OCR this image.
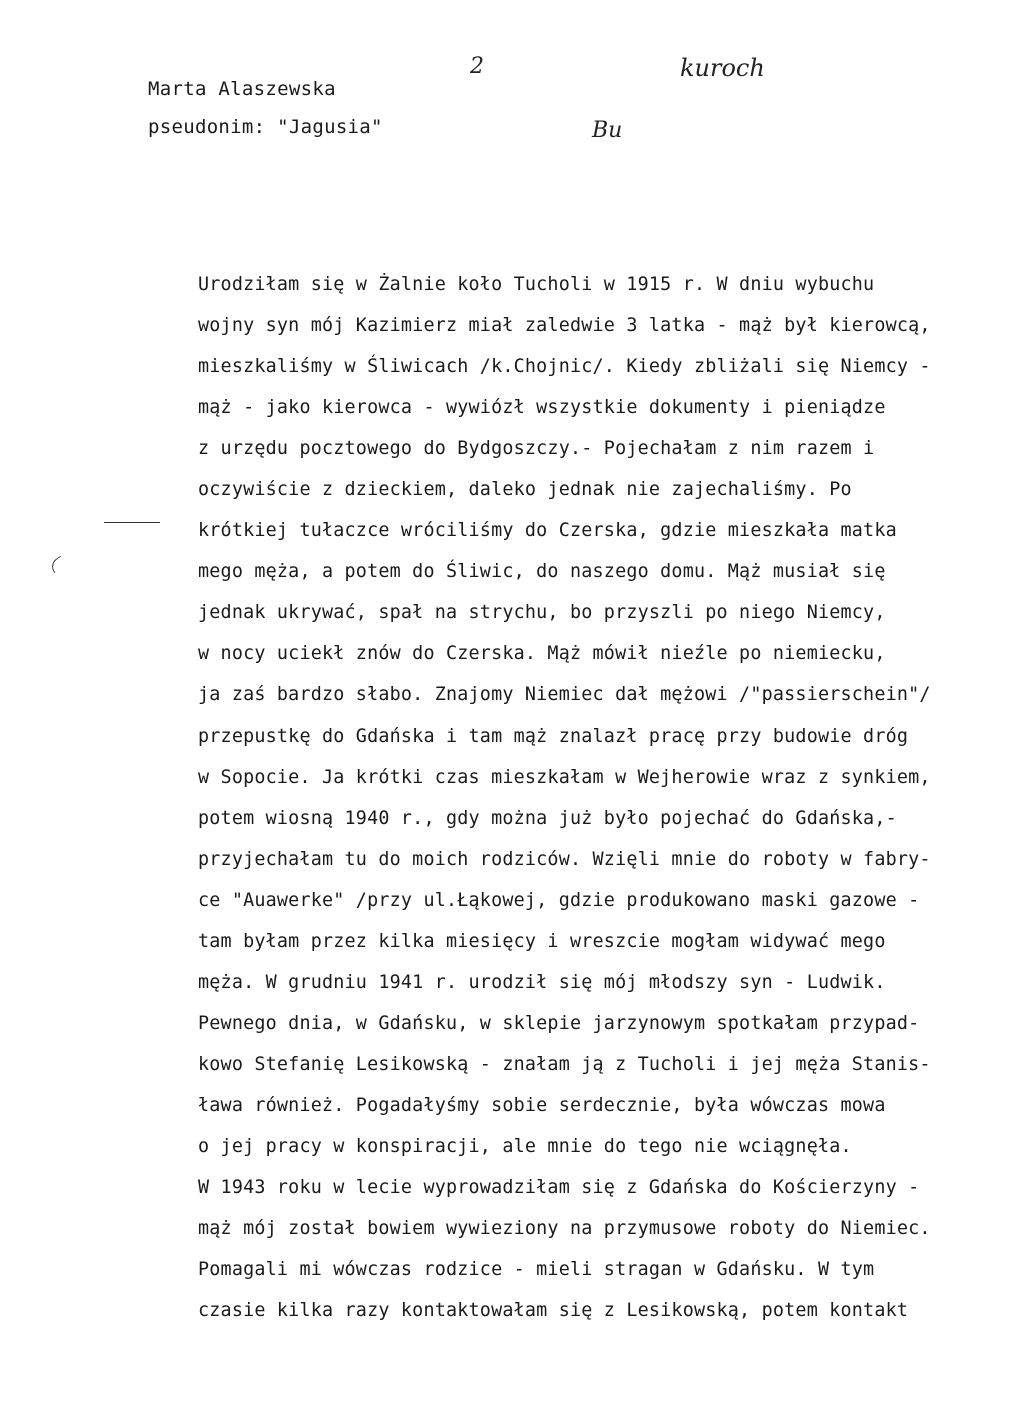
Marta Alaszewska
pseudonim: "Jagusia"
2	kuroch
Bu
Urodziłam się w Żalnie koło Tucholi w 1915 r. W dniu wybuchu
wojny syn mój Kazimierz miał zaledwie 3 latka - mąż był kierowcą,
mieszkaliśmy w Śliwicach /k.Chojnic/. Kiedy zbliżali się Niemcy -
mąż - jako kierowca - wywiózł wszystkie dokumenty i pieniądze
z urzędu pocztowego do Bydgoszczy.- Pojechałam z nim razem i
oczywiście z dzieckiem, daleko jednak nie zajechaliśmy. Po
krótkiej tułaczce wróciliśmy do Czerska, gdzie mieszkała matka
mego męża, a potem do Śliwic, do naszego domu. Mąż musiał się
jednak ukrywać, spał na strychu, bo przyszli po niego Niemcy,
w nocy uciekł znów do Czerska. Mąż mówił nieźle po niemiecku,
ja zaś bardzo słabo. Znajomy Niemiec dał mężowi /"passierschein"/
przepustkę do Gdańska i tam mąż znalazł pracę przy budowie dróg
w Sopocie. Ja krótki czas mieszkałam w Wejherowie wraz z synkiem,
potem wiosną 1940 r., gdy można już było pojechać do Gdańska,-
przyjechałam tu do moich rodziców. Wzięli mnie do roboty w fabry-
ce "Auawerke" /przy ul.Łąkowej, gdzie produkowano maski gazowe -
tam byłam przez kilka miesięcy i wreszcie mogłam widywać mego
męża. W grudniu 1941 r. urodził się mój młodszy syn - Ludwik.
Pewnego dnia, w Gdańsku, w sklepie jarzynowym spotkałam przypad-
kowo Stefanię Lesikowską - znałam ją z Tucholi i jej męża Stanis-
ława również. Pogadałyśmy sobie serdecznie, była wówczas mowa
o jej pracy w konspiracji, ale mnie do tego nie wciągnęła.
W 1943 roku w lecie wyprowadziłam się z Gdańska do Kościerzyny -
mąż mój został bowiem wywieziony na przymusowe roboty do Niemiec.
Pomagali mi wówczas rodzice - mieli stragan w Gdańsku. W tym
czasie kilka razy kontaktowałam się z Lesikowską, potem kontakt
